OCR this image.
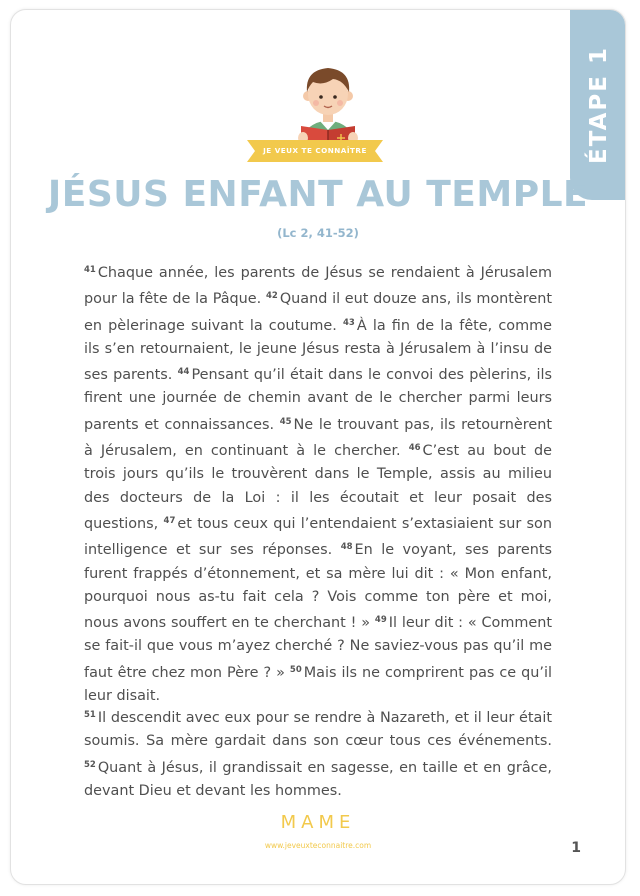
ÉTAPE 1
JE VEUX TE CONNAÎTRE
JÉSUS ENFANT AU TEMPLE
(Lc 2, 41-52)
$^{41}$ Chaque année, les parents de Jésus se rendaient à Jérusalem pour la fête de la Pâque. $^{42}$ Quand il eut douze ans, ils montèrent en pèlerinage suivant la coutume. $^{43}$ À la fin de la fête, comme ils s’en retournaient, le jeune Jésus resta à Jérusalem à l’insu de ses parents. $^{44}$ Pensant qu’il était dans le convoi des pèlerins, ils firent une journée de chemin avant de le chercher parmi leurs parents et connaissances. $^{45}$ Ne le trouvant pas, ils retournèrent à Jérusalem, en continuant à le chercher. $^{46}$ C’est au bout de trois jours qu’ils le trouvèrent dans le Temple, assis au milieu des docteurs de la Loi : il les écoutait et leur posait des questions, $^{47}$ et tous ceux qui l’entendaient s’extasiaient sur son intelligence et sur ses réponses. $^{48}$ En le voyant, ses parents furent frappés d’étonnement, et sa mère lui dit : « Mon enfant, pourquoi nous as-tu fait cela ? Vois comme ton père et moi, nous avons souffert en te cherchant ! » $^{49}$ Il leur dit : « Comment se fait-il que vous m’ayez cherché ? Ne saviez-vous pas qu’il me faut être chez mon Père ? » $^{50}$ Mais ils ne comprirent pas ce qu’il leur disait.
$^{51}$ Il descendit avec eux pour se rendre à Nazareth, et il leur était soumis. Sa mère gardait dans son cœur tous ces événements. $^{52}$ Quant à Jésus, il grandissait en sagesse, en taille et en grâce, devant Dieu et devant les hommes.
MAME
www.jeveuxteconnaitre.com	1
